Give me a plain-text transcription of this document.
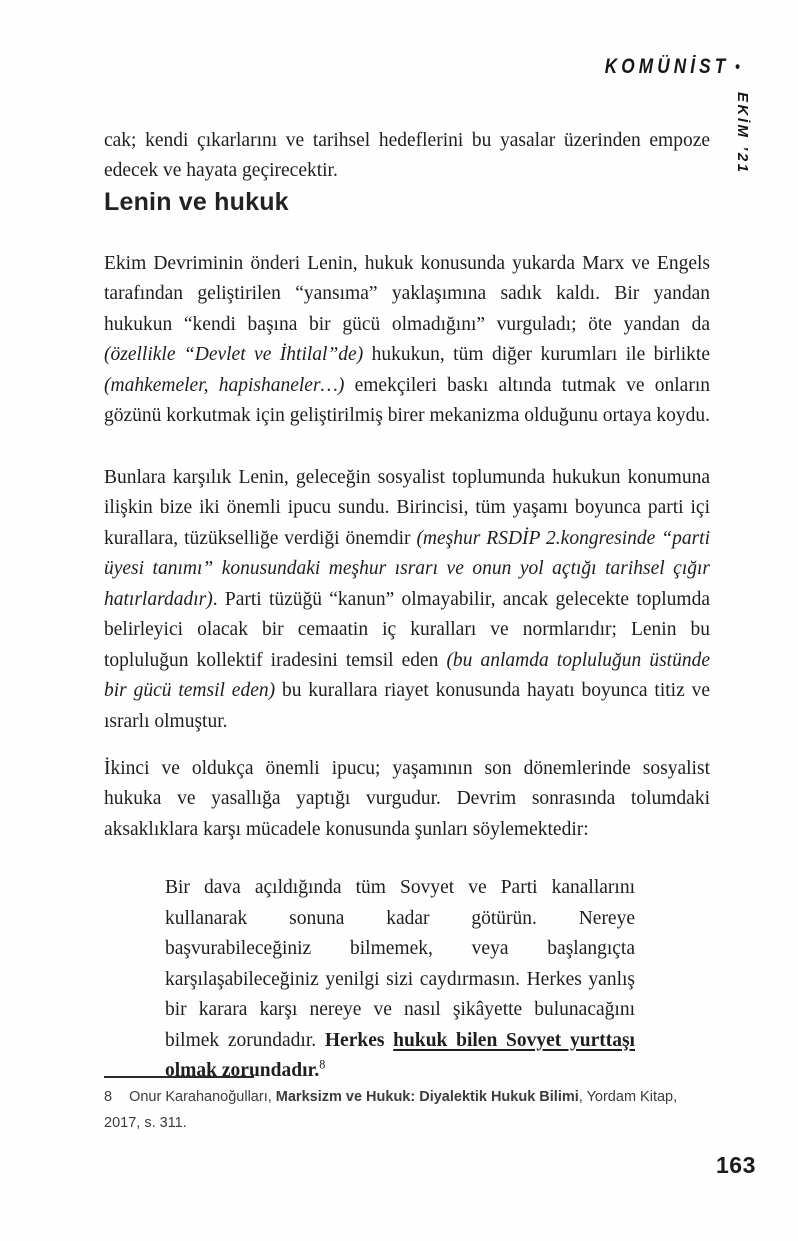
KOMÜNİST •
EKİM ’21

cak; kendi çıkarlarını ve tarihsel hedeflerini bu yasalar üzerinden empoze edecek ve hayata geçirecektir.

Lenin ve hukuk

Ekim Devriminin önderi Lenin, hukuk konusunda yukarda Marx ve Engels tarafından geliştirilen “yansıma” yaklaşımına sadık kaldı. Bir yandan hukukun “kendi başına bir gücü olmadığını” vurguladı; öte yandan da (özellikle “Devlet ve İhtilal”de) hukukun, tüm diğer kurumları ile birlikte (mahkemeler, hapishaneler…) emekçileri baskı altında tutmak ve onların gözünü korkutmak için geliştirilmiş birer mekanizma olduğunu ortaya koydu.

Bunlara karşılık Lenin, geleceğin sosyalist toplumunda hukukun konumuna ilişkin bize iki önemli ipucu sundu. Birincisi, tüm yaşamı boyunca parti içi kurallara, tüzükselliğe verdiği önemdir (meşhur RSDİP 2.kongresinde “parti üyesi tanımı” konusundaki meşhur ısrarı ve onun yol açtığı tarihsel çığır hatırlardadır). Parti tüzüğü “kanun” olmayabilir, ancak gelecekte toplumda belirleyici olacak bir cemaatin iç kuralları ve normlarıdır; Lenin bu topluluğun kollektif iradesini temsil eden (bu anlamda topluluğun üstünde bir gücü temsil eden) bu kurallara riayet konusunda hayatı boyunca titiz ve ısrarlı olmuştur.

İkinci ve oldukça önemli ipucu; yaşamının son dönemlerinde sosyalist hukuka ve yasallığa yaptığı vurgudur. Devrim sonrasında tolumdaki aksaklıklara karşı mücadele konusunda şunları söylemektedir:

Bir dava açıldığında tüm Sovyet ve Parti kanallarını kullanarak sonuna kadar götürün. Nereye başvurabileceğiniz bilmemek, veya başlangıçta karşılaşabileceğiniz yenilgi sizi caydırmasın. Herkes yanlış bir karara karşı nereye ve nasıl şikâyette bulunacağını bilmek zorundadır. Herkes hukuk bilen Sovyet yurttaşı olmak zorundadır.$^8$
8 Onur Karahanoğulları, Marksizm ve Hukuk: Diyalektik Hukuk Bilimi, Yordam Kitap, 2017, s. 311.
163
